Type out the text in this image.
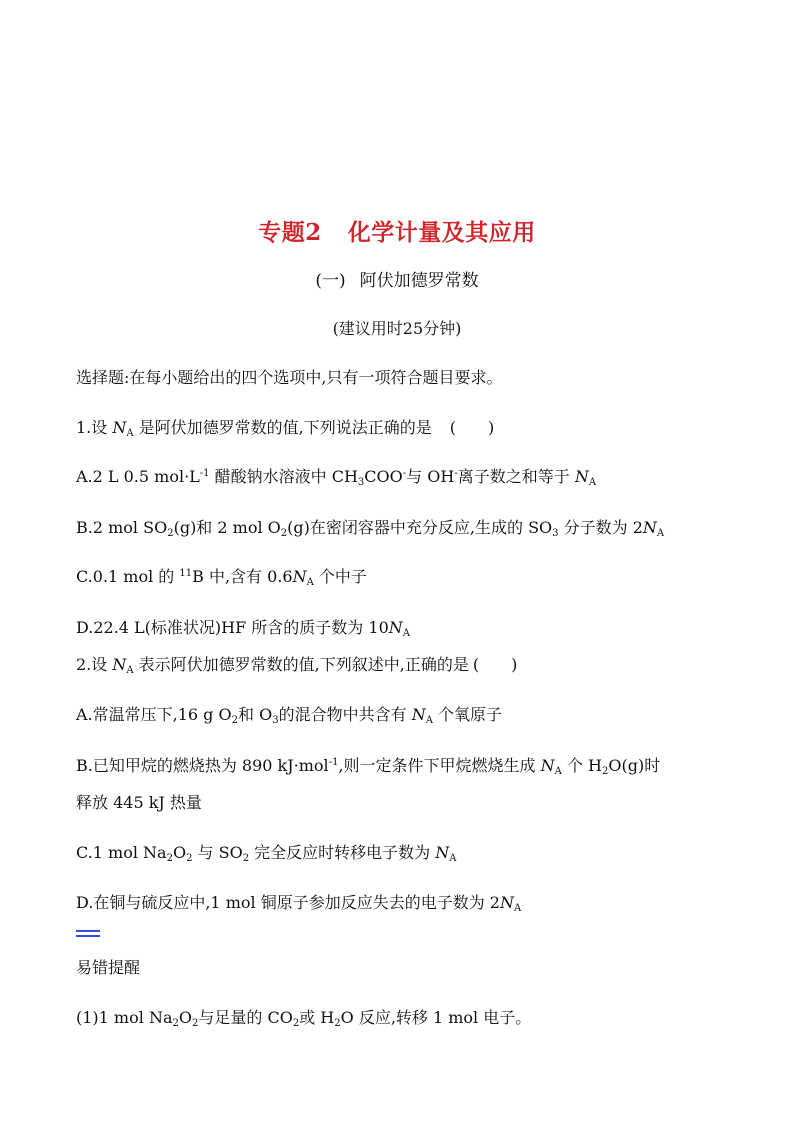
专题2 化学计量及其应用
(一) 阿伏加德罗常数
(建议用时25分钟)
选择题:在每小题给出的四个选项中,只有一项符合题目要求。
1.设 $N_A$ 是阿伏加德罗常数的值,下列说法正确的是 (　　)
A.2 L 0.5 $mol\cdot L^{-1}$ 醋酸钠水溶液中 $CH_3COO^-$与 OH-离子数之和等于 $N_A$
B.2 mol $SO_2(g)$和 2 mol $O_2(g)$在密闭容器中充分反应,生成的 $SO_3$ 分子数为 $2N_A$
C.0.1 mol 的 $^{11}$B 中,含有 $0.6N_A$ 个中子
D.22.4 L(标准状况)HF 所含的质子数为 $10N_A$
2.设 $N_A$ 表示阿伏加德罗常数的值,下列叙述中,正确的是 (　　)
A.常温常压下,16 g $O_2$和 $O_3$的混合物中共含有 $N_A$ 个氧原子
B.已知甲烷的燃烧热为 890 kJ·mol$^{-1}$,则一定条件下甲烷燃烧生成 $N_A$ 个 $H_2O(g)$时
释放 445 kJ 热量
C.1 mol $Na_2O_2$ 与 $SO_2$ 完全反应时转移电子数为 $N_A$
D.在铜与硫反应中,1 mol 铜原子参加反应失去的电子数为 $2N_A$
易错提醒
(1)1 mol $Na_2O_2$与足量的 $CO_2$或 $H_2O$ 反应,转移 1 mol 电子。
